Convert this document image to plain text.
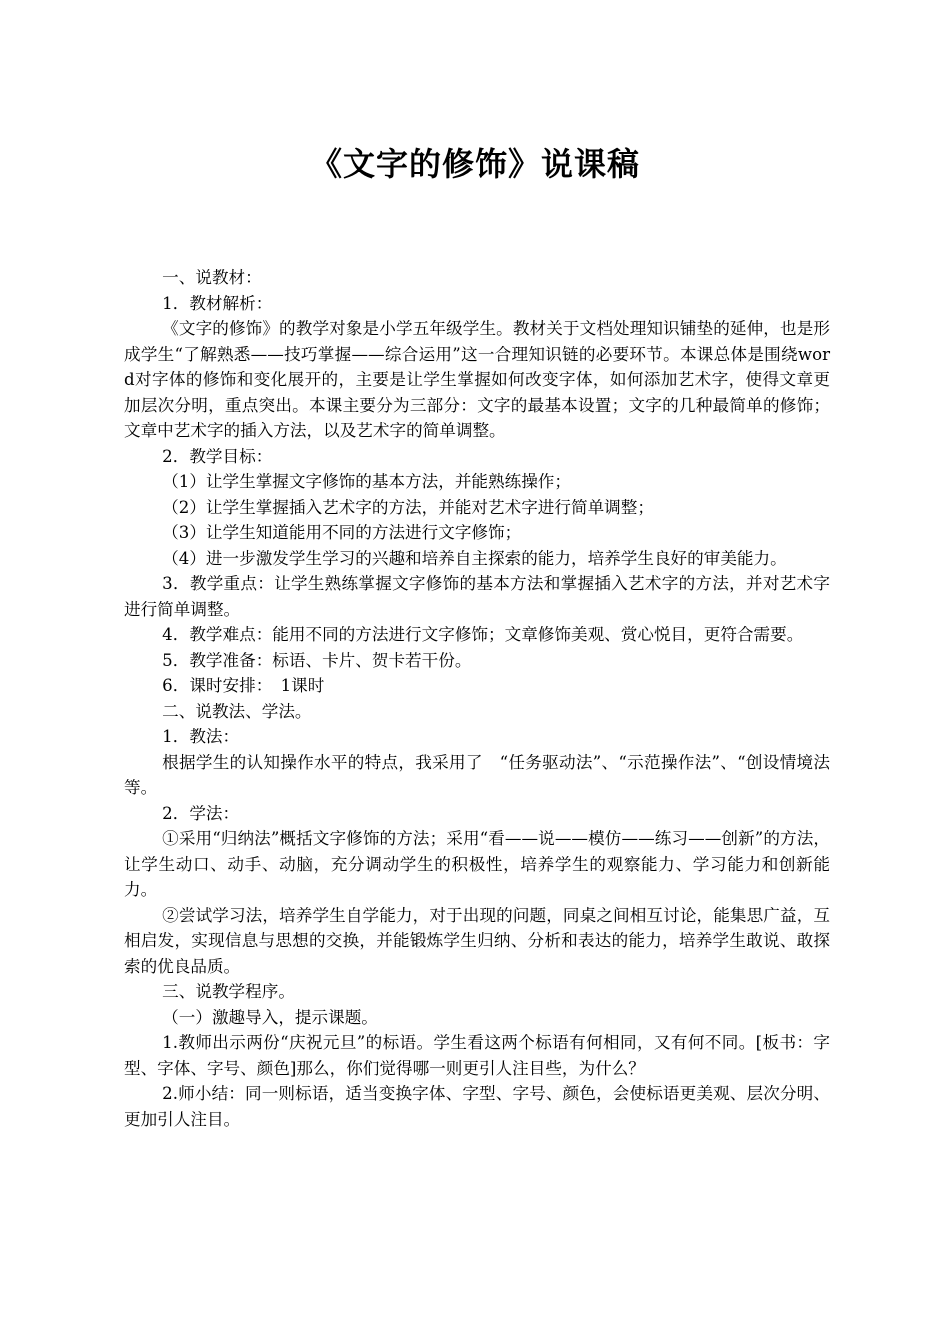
《文字的修饰》说课稿

一、说教材：

1．教材解析：

《文字的修饰》的教学对象是小学五年级学生。教材关于文档处理知识铺垫的延伸，也是形成学生“了解熟悉——技巧掌握——综合运用”这一合理知识链的必要环节。本课总体是围绕word对字体的修饰和变化展开的，主要是让学生掌握如何改变字体，如何添加艺术字，使得文章更加层次分明，重点突出。本课主要分为三部分：文字的最基本设置；文字的几种最简单的修饰；文章中艺术字的插入方法，以及艺术字的简单调整。

2．教学目标：

（1）让学生掌握文字修饰的基本方法，并能熟练操作；

（2）让学生掌握插入艺术字的方法，并能对艺术字进行简单调整；

（3）让学生知道能用不同的方法进行文字修饰；

（4）进一步激发学生学习的兴趣和培养自主探索的能力，培养学生良好的审美能力。

3．教学重点：让学生熟练掌握文字修饰的基本方法和掌握插入艺术字的方法，并对艺术字进行简单调整。

4．教学难点：能用不同的方法进行文字修饰；文章修饰美观、赏心悦目，更符合需要。

5．教学准备：标语、卡片、贺卡若干份。

6．课时安排：　1课时

二、说教法、学法。

1．教法：

根据学生的认知操作水平的特点，我采用了　“任务驱动法”、“示范操作法”、“创设情境法等。

2．学法：

①采用“归纳法”概括文字修饰的方法；采用“看——说——模仿——练习——创新”的方法，让学生动口、动手、动脑，充分调动学生的积极性，培养学生的观察能力、学习能力和创新能力。

②尝试学习法，培养学生自学能力，对于出现的问题，同桌之间相互讨论，能集思广益，互相启发，实现信息与思想的交换，并能锻炼学生归纳、分析和表达的能力，培养学生敢说、敢探索的优良品质。

三、说教学程序。

（一）激趣导入，提示课题。

1.教师出示两份“庆祝元旦”的标语。学生看这两个标语有何相同，又有何不同。[板书：字型、字体、字号、颜色]那么，你们觉得哪一则更引人注目些，为什么？

2.师小结：同一则标语，适当变换字体、字型、字号、颜色，会使标语更美观、层次分明、更加引人注目。
